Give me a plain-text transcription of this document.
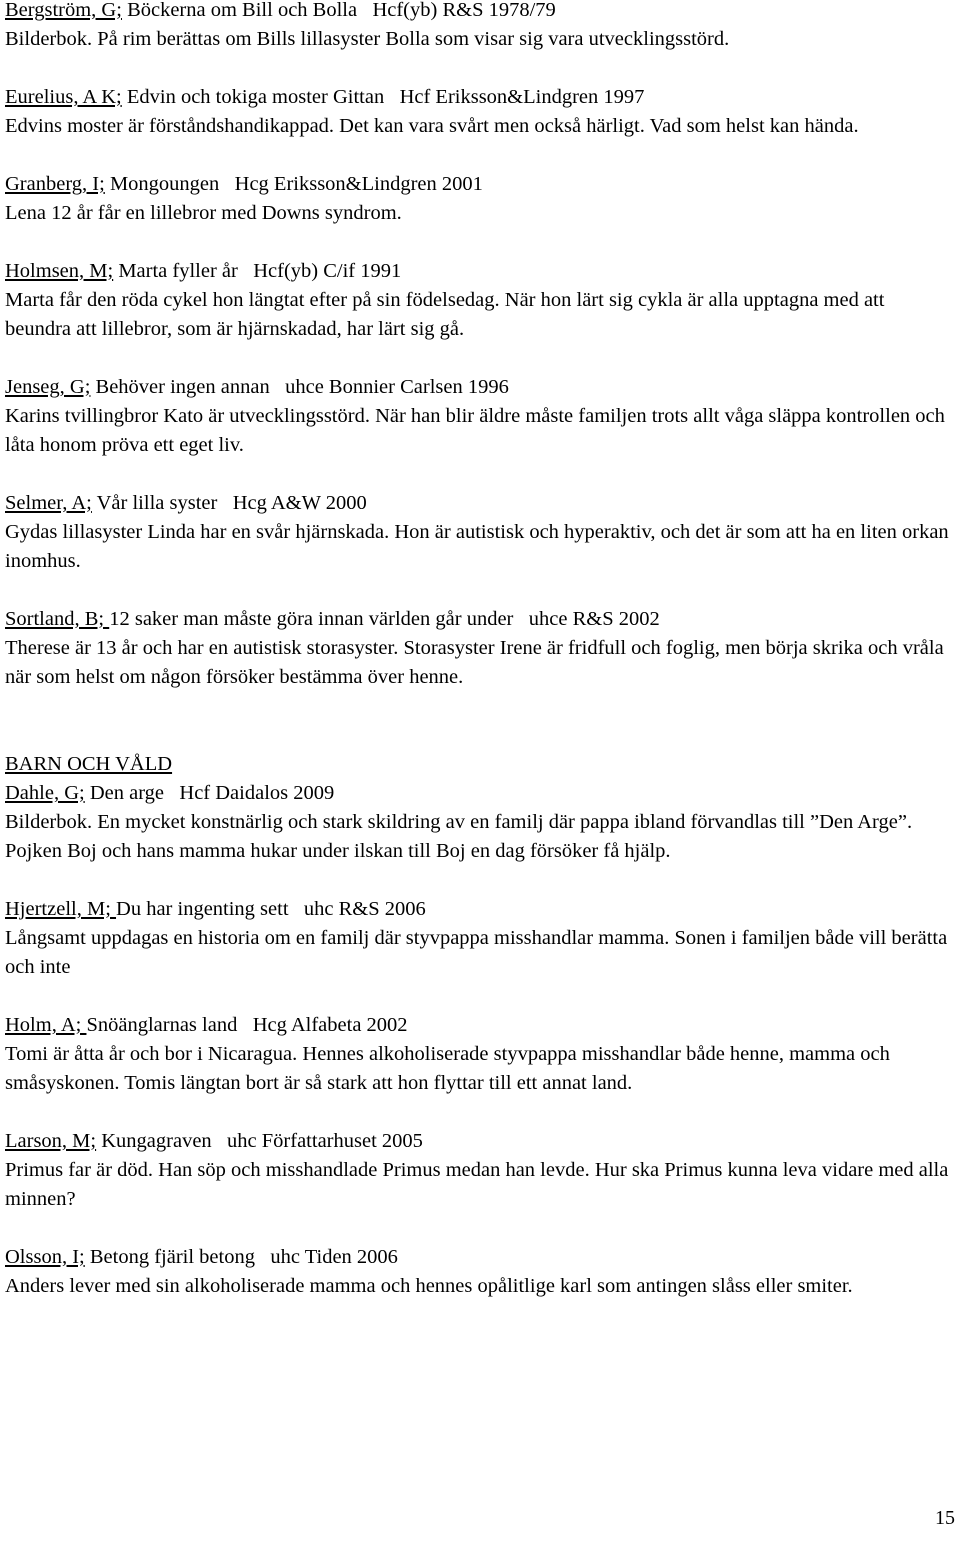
Bergström, G; Böckerna om Bill och Bolla Hcf(yb) R&S 1978/79
Bilderbok. På rim berättas om Bills lillasyster Bolla som visar sig vara utvecklingsstörd.
Eurelius, A K; Edvin och tokiga moster Gittan Hcf Eriksson&Lindgren 1997
Edvins moster är förståndshandikappad. Det kan vara svårt men också härligt. Vad som helst kan hända.
Granberg, I; Mongoungen Hcg Eriksson&Lindgren 2001
Lena 12 år får en lillebror med Downs syndrom.
Holmsen, M; Marta fyller år Hcf(yb) C/if 1991
Marta får den röda cykel hon längtat efter på sin födelsedag. När hon lärt sig cykla är alla upptagna med att beundra att lillebror, som är hjärnskadad, har lärt sig gå.
Jenseg, G; Behöver ingen annan uhce Bonnier Carlsen 1996
Karins tvillingbror Kato är utvecklingsstörd. När han blir äldre måste familjen trots allt våga släppa kontrollen och låta honom pröva ett eget liv.
Selmer, A; Vår lilla syster Hcg A&W 2000
Gydas lillasyster Linda har en svår hjärnskada. Hon är autistisk och hyperaktiv, och det är som att ha en liten orkan inomhus.
Sortland, B; 12 saker man måste göra innan världen går under uhce R&S 2002
Therese är 13 år och har en autistisk storasyster. Storasyster Irene är fridfull och foglig, men börja skrika och vråla när som helst om någon försöker bestämma över henne.
BARN OCH VÅLD
Dahle, G; Den arge Hcf Daidalos 2009
Bilderbok. En mycket konstnärlig och stark skildring av en familj där pappa ibland förvandlas till ”Den Arge”. Pojken Boj och hans mamma hukar under ilskan till Boj en dag försöker få hjälp.
Hjertzell, M; Du har ingenting sett uhc R&S 2006
Långsamt uppdagas en historia om en familj där styvpappa misshandlar mamma. Sonen i familjen både vill berätta och inte
Holm, A; Snöänglarnas land Hcg Alfabeta 2002
Tomi är åtta år och bor i Nicaragua. Hennes alkoholiserade styvpappa misshandlar både henne, mamma och småsyskonen. Tomis längtan bort är så stark att hon flyttar till ett annat land.
Larson, M; Kungagraven uhc Författarhuset 2005
Primus far är död. Han söp och misshandlade Primus medan han levde. Hur ska Primus kunna leva vidare med alla minnen?
Olsson, I; Betong fjäril betong uhc Tiden 2006
Anders lever med sin alkoholiserade mamma och hennes opålitlige karl som antingen slåss eller smiter.
15
